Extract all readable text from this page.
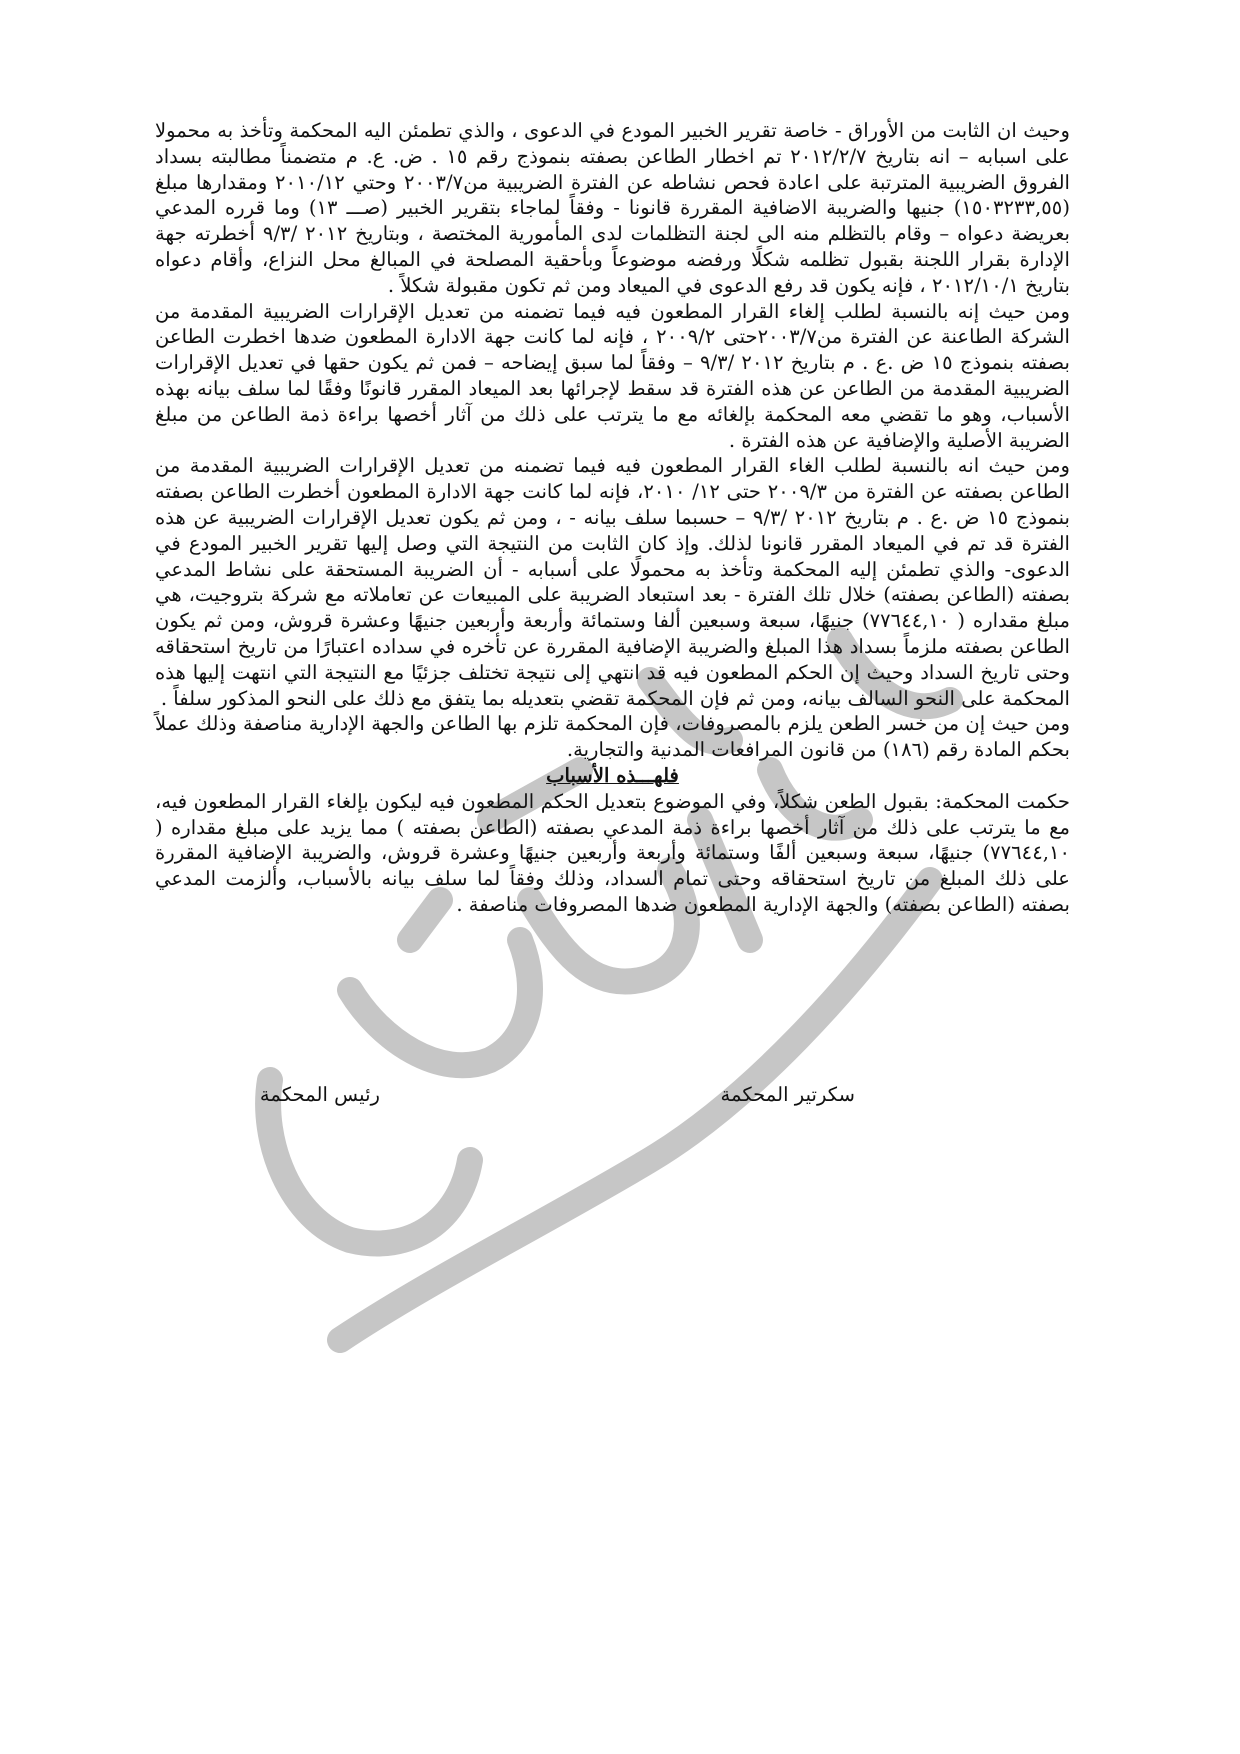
وحيث ان الثابت من الأوراق - خاصة تقرير الخبير المودع في الدعوى ، والذي تطمئن اليه المحكمة وتأخذ به محمولا على اسبابه – انه بتاريخ ٢٠١٢/٢/٧ تم اخطار الطاعن بصفته بنموذج رقم ١٥ . ض. ع. م متضمناً مطالبته بسداد الفروق الضريبية المترتبة على اعادة فحص نشاطه عن الفترة الضريبية من٢٠٠٣/٧ وحتي ٢٠١٠/١٢ ومقدارها مبلغ (١٥٠٣٢٣٣,٥٥) جنيها والضريبة الاضافية المقررة قانونا - وفقاً لماجاء بتقرير الخبير (صـــ ١٣) وما قرره المدعي بعريضة دعواه – وقام بالتظلم منه الى لجنة التظلمات لدى المأمورية المختصة ، وبتاريخ ٢٠١٢ /٩/٣ أخطرته جهة الإدارة بقرار اللجنة بقبول تظلمه شكلًا ورفضه موضوعاً وبأحقية المصلحة في المبالغ محل النزاع، وأقام دعواه بتاريخ ٢٠١٢/١٠/١ ، فإنه يكون قد رفع الدعوى في الميعاد ومن ثم تكون مقبولة شكلاً .

ومن حيث إنه بالنسبة لطلب إلغاء القرار المطعون فيه فيما تضمنه من تعديل الإقرارات الضريبية المقدمة من الشركة الطاعنة عن الفترة من٢٠٠٣/٧حتى ٢٠٠٩/٢ ، فإنه لما كانت جهة الادارة المطعون ضدها اخطرت الطاعن بصفته بنموذج ١٥ ض .ع . م بتاريخ ٢٠١٢ /٩/٣ – وفقاً لما سبق إيضاحه – فمن ثم يكون حقها في تعديل الإقرارات الضريبية المقدمة من الطاعن عن هذه الفترة قد سقط لإجرائها بعد الميعاد المقرر قانونًا وفقًا لما سلف بيانه بهذه الأسباب، وهو ما تقضي معه المحكمة بإلغائه مع ما يترتب على ذلك من آثار أخصها براءة ذمة الطاعن من مبلغ الضريبة الأصلية والإضافية عن هذه الفترة .

ومن حيث انه بالنسبة لطلب الغاء القرار المطعون فيه فيما تضمنه من تعديل الإقرارات الضريبية المقدمة من الطاعن بصفته عن الفترة من ٢٠٠٩/٣ حتى ١٢/ ٢٠١٠، فإنه لما كانت جهة الادارة المطعون أخطرت الطاعن بصفته بنموذج ١٥ ض .ع . م بتاريخ ٢٠١٢ /٩/٣ – حسبما سلف بيانه - ، ومن ثم يكون تعديل الإقرارات الضريبية عن هذه الفترة قد تم في الميعاد المقرر قانونا لذلك. وإذ كان الثابت من النتيجة التي وصل إليها تقرير الخبير المودع في الدعوى- والذي تطمئن إليه المحكمة وتأخذ به محمولًا على أسبابه - أن الضريبة المستحقة على نشاط المدعي بصفته (الطاعن بصفته) خلال تلك الفترة - بعد استبعاد الضريبة على المبيعات عن تعاملاته مع شركة بتروجيت، هي مبلغ مقداره ( ٧٧٦٤٤,١٠) جنيهًا، سبعة وسبعين ألفا وستمائة وأربعة وأربعين جنيهًا وعشرة قروش، ومن ثم يكون الطاعن بصفته ملزماً بسداد هذا المبلغ والضريبة الإضافية المقررة عن تأخره في سداده اعتبارًا من تاريخ استحقاقه وحتى تاريخ السداد وحيث إن الحكم المطعون فيه قد انتهي إلى نتيجة تختلف جزئيًا مع النتيجة التي انتهت إليها هذه المحكمة على النحو السالف بيانه، ومن ثم فإن المحكمة تقضي بتعديله بما يتفق مع ذلك على النحو المذكور سلفاً .

ومن حيث إن من خسر الطعن يلزم بالمصروفات، فإن المحكمة تلزم بها الطاعن والجهة الإدارية مناصفة وذلك عملاً بحكم المادة رقم (١٨٦) من قانون المرافعات المدنية والتجارية.

فلهـــذه الأسباب

حكمت المحكمة: بقبول الطعن شكلاً، وفي الموضوع بتعديل الحكم المطعون فيه ليكون بإلغاء القرار المطعون فيه، مع ما يترتب على ذلك من آثار أخصها براءة ذمة المدعي بصفته (الطاعن بصفته ) مما يزيد على مبلغ مقداره ( ٧٧٦٤٤,١٠) جنيهًا، سبعة وسبعين ألفًا وستمائة وأربعة وأربعين جنيهًا وعشرة قروش، والضريبة الإضافية المقررة على ذلك المبلغ من تاريخ استحقاقه وحتى تمام السداد، وذلك وفقاً لما سلف بيانه بالأسباب، وألزمت المدعي بصفته (الطاعن بصفته) والجهة الإدارية المطعون ضدها المصروفات مناصفة .

سكرتير المحكمة
رئيس المحكمة
